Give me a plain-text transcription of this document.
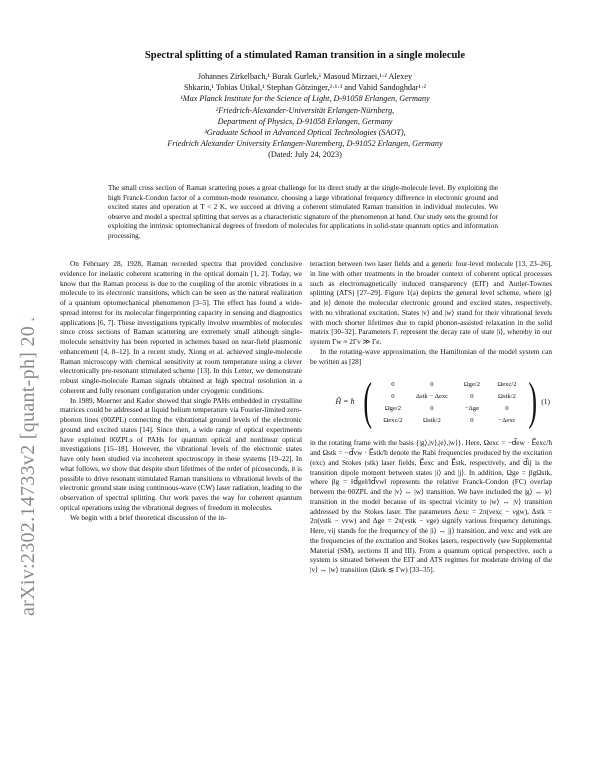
arXiv:2302.14733v2 [quant-ph] 20 Jul 2023
Spectral splitting of a stimulated Raman transition in a single molecule
Johannes Zirkelbach,¹ Burak Gurlek,¹ Masoud Mirzaei,¹·² Alexey
Shkarin,¹ Tobias Utikal,¹ Stephan Götzinger,²·¹·³ and Vahid Sandoghdar¹·²
¹Max Planck Institute for the Science of Light, D-91058 Erlangen, Germany
²Friedrich-Alexander-Universität Erlangen-Nürnberg,
Department of Physics, D-91058 Erlangen, Germany
³Graduate School in Advanced Optical Technologies (SAOT),
Friedrich Alexander University Erlangen-Nuremberg, D-91052 Erlangen, Germany
(Dated: July 24, 2023)
The small cross section of Raman scattering poses a great challenge for its direct study at the single-molecule level. By exploiting the high Franck-Condon factor of a common-mode resonance, choosing a large vibrational frequency difference in electronic ground and excited states and operation at T < 2 K, we succeed at driving a coherent stimulated Raman transition in individual molecules. We observe and model a spectral splitting that serves as a characteristic signature of the phenomenon at hand. Our study sets the ground for exploiting the intrinsic optomechanical degrees of freedom of molecules for applications in solid-state quantum optics and information processing.

On February 28, 1928, Raman recorded spectra that provided conclusive evidence for inelastic coherent scattering in the optical domain [1, 2]. Today, we know that the Raman process is due to the coupling of the atomic vibrations in a molecule to its electronic transitions, which can be seen as the natural realization of a quantum optomechanical phenomenon [3–5]. The effect has found a wide-spread interest for its molecular fingerprinting capacity in sensing and diagnostics applications [6, 7]. These investigations typically involve ensembles of molecules since cross sections of Raman scattering are extremely small although single-molecule sensitivity has been reported in schemes based on near-field plasmonic enhancement [4, 8–12]. In a recent study, Xiong et al. achieved single-molecule Raman microscopy with chemical sensitivity at room temperature using a clever electronically pre-resonant stimulated scheme [13]. In this Letter, we demonstrate robust single-molecule Raman signals obtained at high spectral resolution in a coherent and fully resonant configuration under cryogenic conditions.

In 1989, Moerner and Kador showed that single PAHs embedded in crystalline matrices could be addressed at liquid helium temperature via Fourier-limited zero-phonon lines (00ZPL) connecting the vibrational ground levels of the electronic ground and excited states [14]. Since then, a wide range of optical experiments have exploited 00ZPLs of PAHs for quantum optical and nonlinear optical investigations [15–18]. However, the vibrational levels of the electronic states have only been studied via incoherent spectroscopy in these systems [19–22]. In what follows, we show that despite short lifetimes of the order of picoseconds, it is possible to drive resonant stimulated Raman transitions to vibrational levels of the electronic ground state using continuous-wave (CW) laser radiation, leading to the observation of spectral splitting. Our work paves the way for coherent quantum optical operations using the vibrational degrees of freedom in molecules.

We begin with a brief theoretical discussion of the in-

teraction between two laser fields and a generic four-level molecule [13, 23–26], in line with other treatments in the broader context of coherent optical processes such as electromagnetically induced transparency (EIT) and Autler-Townes splitting (ATS) [27–29]. Figure 1(a) depicts the general level scheme, where |g⟩ and |e⟩ denote the molecular electronic ground and excited states, respectively, with no vibrational excitation. States |v⟩ and |w⟩ stand for their vibrational levels with much shorter lifetimes due to rapid phonon-assisted relaxation in the solid matrix [30–32]. Parameters Γᵢ represent the decay rate of state |i⟩, whereby in our system Γw ≈ 2Γv ≫ Γe.

In the rotating-wave approximation, the Hamiltonian of the model system can be written as [28]

Ĥ = ħ (	0	0	Ωge/2	Ωexc/2
0	Δstk − Δexc	0	Ωstk/2
Ωge/2	0	−Δge	0
Ωexc/2	Ωstk/2	0	−Δexc ) (1)

in the rotating frame with the basis {|g⟩,|v⟩,|e⟩,|w⟩}. Here, Ωexc = −d⃗ew · E⃗exc/ħ and Ωstk = −d⃗vw · E⃗stk/ħ denote the Rabi frequencies produced by the excitation (exc) and Stokes (stk) laser fields, E⃗exc and E⃗stk, respectively, and d⃗ij is the transition dipole moment between states |i⟩ and |j⟩. In addition, Ωge = βgΩstk, where βg = ‖d⃗ge‖/‖d⃗vw‖ represents the relative Franck-Condon (FC) overlap between the 00ZPL and the |v⟩ ↔ |w⟩ transition. We have included the |g⟩ ↔ |e⟩ transition in the model because of its spectral vicinity to |w⟩ ↔ |v⟩ transition addressed by the Stokes laser. The parameters Δexc = 2π(νexc − νgw), Δstk = 2π(νstk − νvw) and Δge = 2π(νstk − νge) signify various frequency detunings. Here, νij stands for the frequency of the |i⟩ ↔ |j⟩ transition, and νexc and νstk are the frequencies of the excitation and Stokes lasers, respectively (see Supplemental Material (SM), sections II and III). From a quantum optical perspective, such a system is situated between the EIT and ATS regimes for moderate driving of the |v⟩ ↔ |w⟩ transition (Ωstk ≲ Γw) [33–35].
